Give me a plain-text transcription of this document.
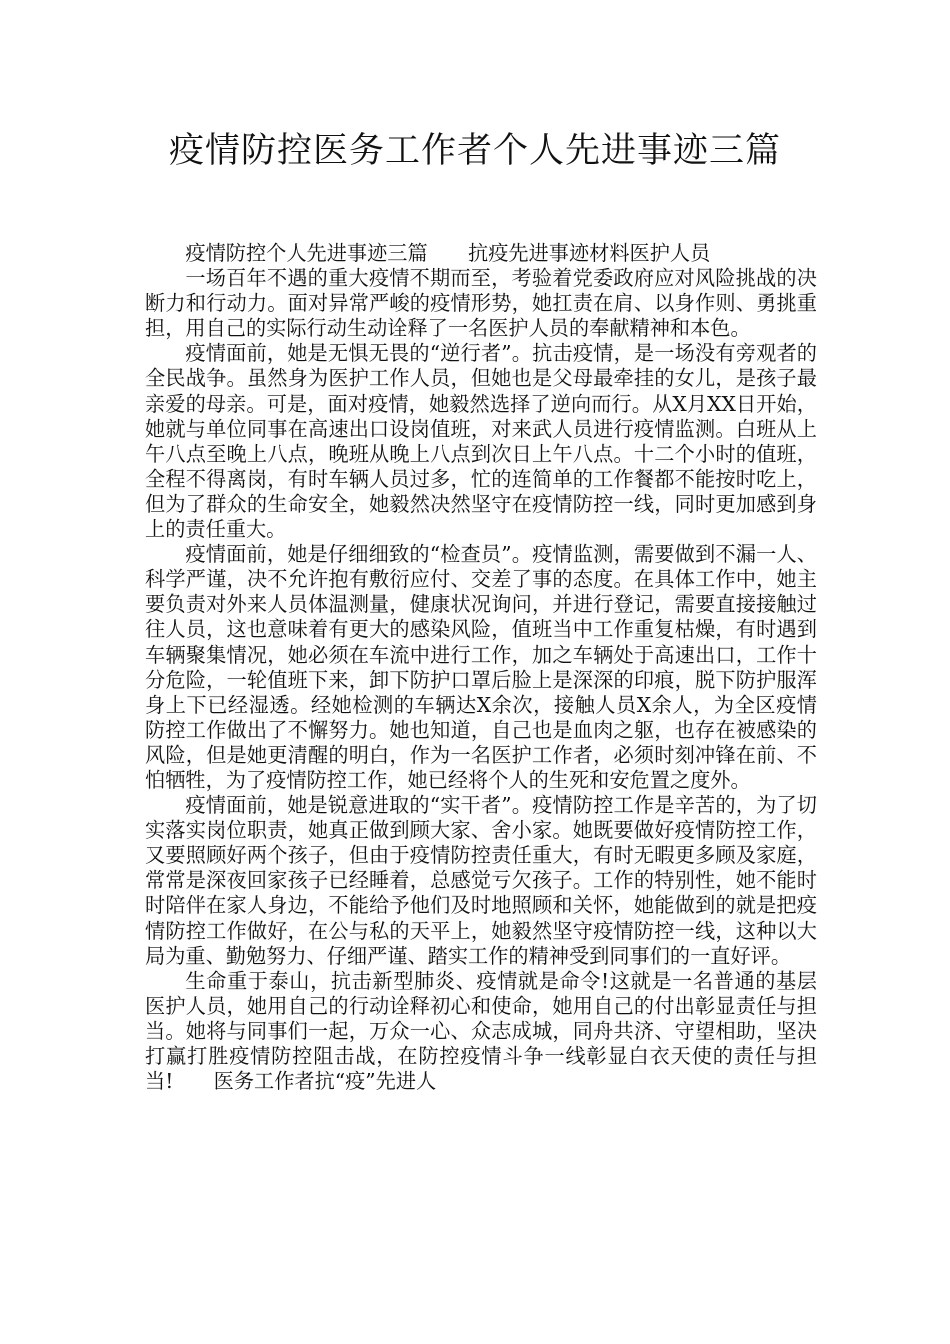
疫情防控医务工作者个人先进事迹三篇

疫情防控个人先进事迹三篇　　抗疫先进事迹材料医护人员

一场百年不遇的重大疫情不期而至，考验着党委政府应对风险挑战的决断力和行动力。面对异常严峻的疫情形势，她扛责在肩、以身作则、勇挑重担，用自己的实际行动生动诠释了一名医护人员的奉献精神和本色。

疫情面前，她是无惧无畏的“逆行者”。抗击疫情，是一场没有旁观者的全民战争。虽然身为医护工作人员，但她也是父母最牵挂的女儿，是孩子最亲爱的母亲。可是，面对疫情，她毅然选择了逆向而行。从X月XX日开始，她就与单位同事在高速出口设岗值班，对来武人员进行疫情监测。白班从上午八点至晚上八点，晚班从晚上八点到次日上午八点。十二个小时的值班，全程不得离岗，有时车辆人员过多，忙的连简单的工作餐都不能按时吃上，但为了群众的生命安全，她毅然决然坚守在疫情防控一线，同时更加感到身上的责任重大。

疫情面前，她是仔细细致的“检查员”。疫情监测，需要做到不漏一人、科学严谨，决不允许抱有敷衍应付、交差了事的态度。在具体工作中，她主要负责对外来人员体温测量，健康状况询问，并进行登记，需要直接接触过往人员，这也意味着有更大的感染风险，值班当中工作重复枯燥，有时遇到车辆聚集情况，她必须在车流中进行工作，加之车辆处于高速出口，工作十分危险，一轮值班下来，卸下防护口罩后脸上是深深的印痕，脱下防护服浑身上下已经湿透。经她检测的车辆达X余次，接触人员X余人，为全区疫情防控工作做出了不懈努力。她也知道，自己也是血肉之躯，也存在被感染的风险，但是她更清醒的明白，作为一名医护工作者，必须时刻冲锋在前、不怕牺牲，为了疫情防控工作，她已经将个人的生死和安危置之度外。

疫情面前，她是锐意进取的“实干者”。疫情防控工作是辛苦的，为了切实落实岗位职责，她真正做到顾大家、舍小家。她既要做好疫情防控工作，又要照顾好两个孩子，但由于疫情防控责任重大，有时无暇更多顾及家庭，常常是深夜回家孩子已经睡着，总感觉亏欠孩子。工作的特别性，她不能时时陪伴在家人身边，不能给予他们及时地照顾和关怀，她能做到的就是把疫情防控工作做好，在公与私的天平上，她毅然坚守疫情防控一线，这种以大局为重、勤勉努力、仔细严谨、踏实工作的精神受到同事们的一直好评。

生命重于泰山，抗击新型肺炎、疫情就是命令!这就是一名普通的基层医护人员，她用自己的行动诠释初心和使命，她用自己的付出彰显责任与担当。她将与同事们一起，万众一心、众志成城，同舟共济、守望相助，坚决打赢打胜疫情防控阻击战，在防控疫情斗争一线彰显白衣天使的责任与担当!　　医务工作者抗“疫”先进人
